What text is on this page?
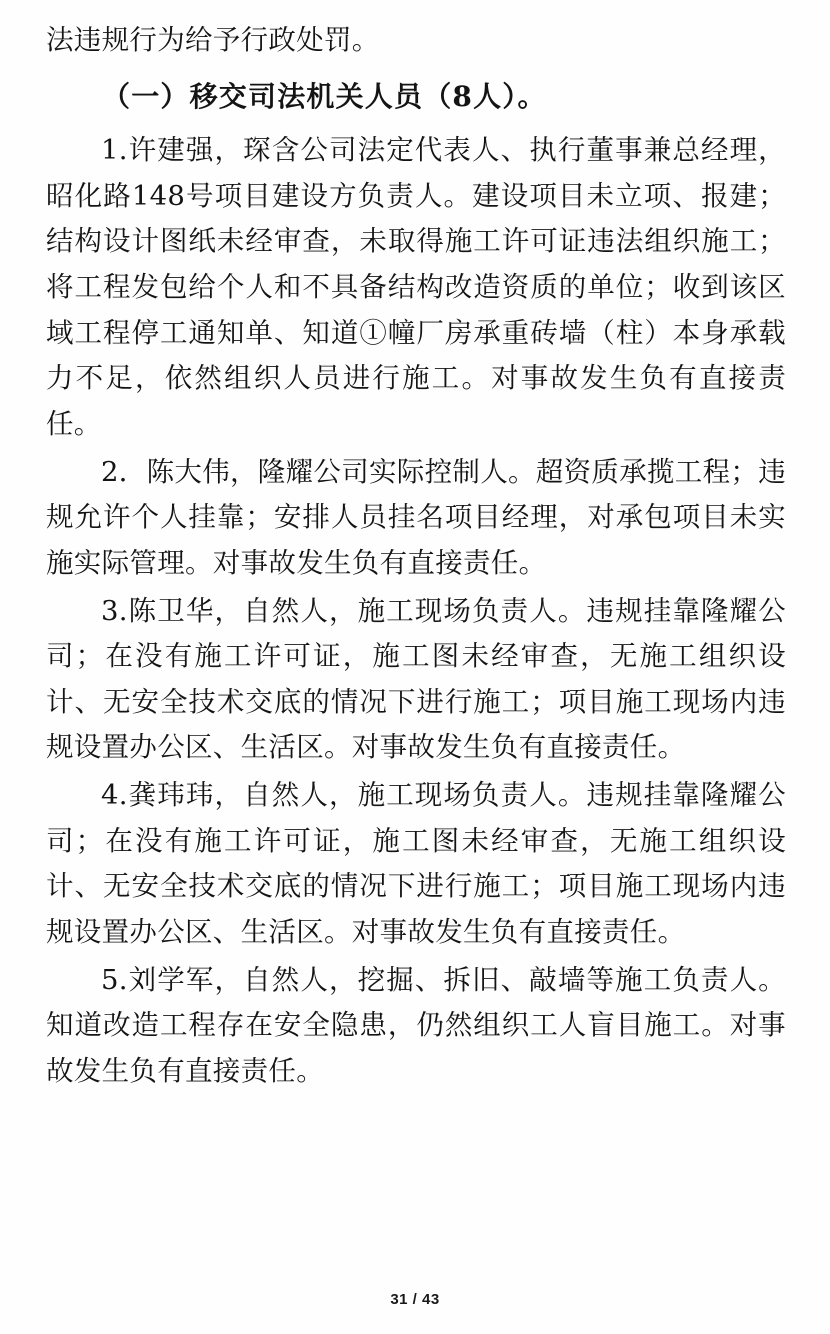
法违规行为给予行政处罚。

（一）移交司法机关人员（8人）。

1.许建强，琛含公司法定代表人、执行董事兼总经理，昭化路148号项目建设方负责人。建设项目未立项、报建；结构设计图纸未经审查，未取得施工许可证违法组织施工；将工程发包给个人和不具备结构改造资质的单位；收到该区域工程停工通知单、知道①幢厂房承重砖墙（柱）本身承载力不足，依然组织人员进行施工。对事故发生负有直接责任。

2．陈大伟，隆耀公司实际控制人。超资质承揽工程；违规允许个人挂靠；安排人员挂名项目经理，对承包项目未实施实际管理。对事故发生负有直接责任。

3.陈卫华，自然人，施工现场负责人。违规挂靠隆耀公司；在没有施工许可证，施工图未经审查，无施工组织设计、无安全技术交底的情况下进行施工；项目施工现场内违规设置办公区、生活区。对事故发生负有直接责任。

4.龚玮玮，自然人，施工现场负责人。违规挂靠隆耀公司；在没有施工许可证，施工图未经审查，无施工组织设计、无安全技术交底的情况下进行施工；项目施工现场内违规设置办公区、生活区。对事故发生负有直接责任。

5.刘学军，自然人，挖掘、拆旧、敲墙等施工负责人。知道改造工程存在安全隐患，仍然组织工人盲目施工。对事故发生负有直接责任。

31 / 43
